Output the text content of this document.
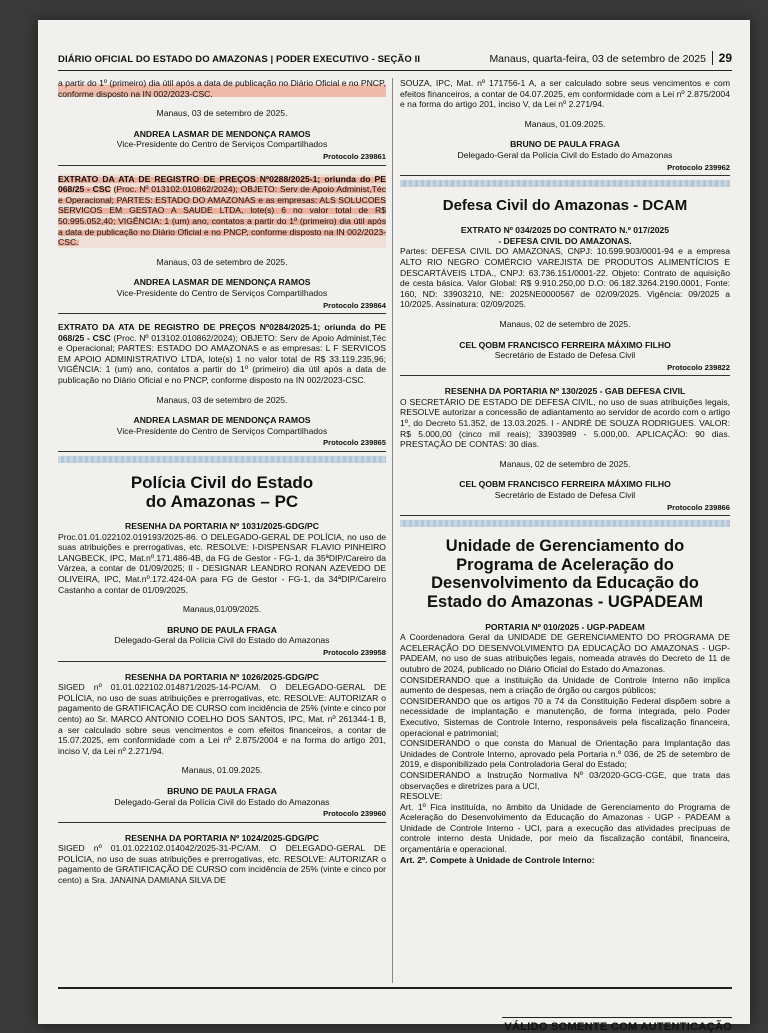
DIÁRIO OFICIAL DO ESTADO DO AMAZONAS | PODER EXECUTIVO - SEÇÃO II	Manaus, quarta-feira, 03 de setembro de 2025	29

a partir do 1º (primeiro) dia útil após a data de publicação no Diário Oficial e no PNCP, conforme disposto na IN 002/2023-CSC.

Manaus, 03 de setembro de 2025.

ANDREA LASMAR DE MENDONÇA RAMOS

Vice-Presidente do Centro de Serviços Compartilhados

Protocolo 239861

EXTRATO DA ATA DE REGISTRO DE PREÇOS Nº0288/2025-1; oriunda do PE 068/25 - CSC (Proc. Nº 013102.010862/2024); OBJETO: Serv de Apoio Administ,Téc e Operacional; PARTES: ESTADO DO AMAZONAS e as empresas: ALS SOLUCOES SERVICOS EM GESTAO A SAUDE LTDA, lote(s) 6 no valor total de R$ 50.995.052,40; VIGÊNCIA: 1 (um) ano, contatos a partir do 1º (primeiro) dia útil após a data de publicação no Diário Oficial e no PNCP, conforme disposto na IN 002/2023-CSC.

Manaus, 03 de setembro de 2025.

ANDREA LASMAR DE MENDONÇA RAMOS

Vice-Presidente do Centro de Serviços Compartilhados

Protocolo 239864

EXTRATO DA ATA DE REGISTRO DE PREÇOS Nº0284/2025-1; oriunda do PE 068/25 - CSC (Proc. Nº 013102.010862/2024); OBJETO: Serv de Apoio Administ,Téc e Operacional; PARTES: ESTADO DO AMAZONAS e as empresas: L F SERVICOS EM APOIO ADMINISTRATIVO LTDA, lote(s) 1 no valor total de R$ 33.119.235,96; VIGÊNCIA: 1 (um) ano, contatos a partir do 1º (primeiro) dia útil após a data de publicação no Diário Oficial e no PNCP, conforme disposto na IN 002/2023-CSC.

Manaus, 03 de setembro de 2025.

ANDREA LASMAR DE MENDONÇA RAMOS

Vice-Presidente do Centro de Serviços Compartilhados

Protocolo 239865

Polícia Civil do Estado
do Amazonas – PC

RESENHA DA PORTARIA Nº 1031/2025-GDG/PC

Proc.01.01.022102.019193/2025-86. O DELEGADO-GERAL DE POLÍCIA, no uso de suas atribuições e prerrogativas, etc. RESOLVE: I-DISPENSAR FLAVIO PINHEIRO LANGBECK, IPC, Mat.nº.171.486-4B, da FG de Gestor - FG-1, da 35ªDIP/Careiro da Várzea, a contar de 01/09/2025; II - DESIGNAR LEANDRO RONAN AZEVEDO DE OLIVEIRA, IPC, Mat.nº.172.424-0A para FG de Gestor - FG-1, da 34ªDIP/Careiro Castanho a contar de 01/09/2025.

Manaus,01/09/2025.

BRUNO DE PAULA FRAGA

Delegado-Geral da Polícia Civil do Estado do Amazonas

Protocolo 239958

RESENHA DA PORTARIA Nº 1026/2025-GDG/PC

SIGED nº 01.01.022102.014871/2025-14-PC/AM. O DELEGADO-GERAL DE POLÍCIA, no uso de suas atribuições e prerrogativas, etc. RESOLVE: AUTORIZAR o pagamento de GRATIFICAÇÃO DE CURSO com incidência de 25% (vinte e cinco por cento) ao Sr. MARCO ANTONIO COELHO DOS SANTOS, IPC, Mat. nº 261344-1 B, a ser calculado sobre seus vencimentos e com efeitos financeiros, a contar de 15.07.2025, em conformidade com a Lei nº 2.875/2004 e na forma do artigo 201, inciso V, da Lei nº 2.271/94.

Manaus, 01.09.2025.

BRUNO DE PAULA FRAGA

Delegado-Geral da Polícia Civil do Estado do Amazonas

Protocolo 239960

RESENHA DA PORTARIA Nº 1024/2025-GDG/PC

SIGED nº 01.01.022102.014042/2025-31-PC/AM. O DELEGADO-GERAL DE POLÍCIA, no uso de suas atribuições e prerrogativas, etc. RESOLVE: AUTORIZAR o pagamento de GRATIFICAÇÃO DE CURSO com incidência de 25% (vinte e cinco por cento) a Sra. JANAINA DAMIANA SILVA DE

SOUZA, IPC, Mat. nº 171756-1 A, a ser calculado sobre seus vencimentos e com efeitos financeiros, a contar de 04.07.2025, em conformidade com a Lei nº 2.875/2004 e na forma do artigo 201, inciso V, da Lei nº 2.271/94.

Manaus, 01.09.2025.

BRUNO DE PAULA FRAGA

Delegado-Geral da Polícia Civil do Estado do Amazonas

Protocolo 239962

Defesa Civil do Amazonas - DCAM

EXTRATO Nº 034/2025 DO CONTRATO N.º 017/2025 - DEFESA CIVIL DO AMAZONAS.

Partes: DEFESA CIVIL DO AMAZONAS, CNPJ: 10.599.903/0001-94 e a empresa ALTO RIO NEGRO COMÉRCIO VAREJISTA DE PRODUTOS ALIMENTÍCIOS E DESCARTÁVEIS LTDA., CNPJ: 63.736.151/0001-22. Objeto: Contrato de aquisição de cesta básica. Valor Global: R$ 9.910.250,00 D.O: 06.182.3264.2190.0001, Fonte: 160, ND: 33903210, NE: 2025NE0000567 de 02/09/2025. Vigência: 09/2025 a 10/2025. Assinatura: 02/09/2025.

Manaus, 02 de setembro de 2025.

CEL QOBM FRANCISCO FERREIRA MÁXIMO FILHO

Secretário de Estado de Defesa Civil

Protocolo 239822

RESENHA DA PORTARIA Nº 130/2025 - GAB DEFESA CIVIL

O SECRETÁRIO DE ESTADO DE DEFESA CIVIL, no uso de suas atribuições legais, RESOLVE autorizar a concessão de adiantamento ao servidor de acordo com o artigo 1º, do Decreto 51.352, de 13.03.2025. I - ANDRÉ DE SOUZA RODRIGUES. VALOR: R$ 5.000,00 (cinco mil reais); 33903989 - 5.000,00. APLICAÇÃO: 90 dias. PRESTAÇÃO DE CONTAS: 30 dias.

Manaus, 02 de setembro de 2025.

CEL QOBM FRANCISCO FERREIRA MÁXIMO FILHO

Secretário de Estado de Defesa Civil

Protocolo 239866

Unidade de Gerenciamento do
Programa de Aceleração do
Desenvolvimento da Educação do
Estado do Amazonas - UGPADEAM

PORTARIA Nº 010/2025 - UGP-PADEAM

A Coordenadora Geral da UNIDADE DE GERENCIAMENTO DO PROGRAMA DE ACELERAÇÃO DO DESENVOLVIMENTO DA EDUCAÇÃO DO AMAZONAS - UGP-PADEAM, no uso de suas atribuições legais, nomeada através do Decreto de 11 de outubro de 2024, publicado no Diário Oficial do Estado do Amazonas.

CONSIDERANDO que a instituição da Unidade de Controle Interno não implica aumento de despesas, nem a criação de órgão ou cargos públicos;

CONSIDERANDO que os artigos 70 a 74 da Constituição Federal dispõem sobre a necessidade de implantação e manutenção, de forma integrada, pelo Poder Executivo, Sistemas de Controle Interno, responsáveis pela fiscalização financeira, operacional e patrimonial;

CONSIDERANDO o que consta do Manual de Orientação para Implantação das Unidades de Controle Interno, aprovado pela Portaria n.º 036, de 25 de setembro de 2019, e disponibilizado pela Controladoria Geral do Estado;

CONSIDERANDO a Instrução Normativa Nº 03/2020-GCG-CGE, que trata das observações e diretrizes para a UCI,

RESOLVE:

Art. 1º Fica instituída, no âmbito da Unidade de Gerenciamento do Programa de Aceleração do Desenvolvimento da Educação do Amazonas - UGP - PADEAM a Unidade de Controle Interno - UCI, para a execução das atividades precípuas de controle interno desta Unidade, por meio da fiscalização contábil, financeira, orçamentária e operacional.

Art. 2º. Compete à Unidade de Controle Interno:

VÁLIDO SOMENTE COM AUTENTICAÇÃO
